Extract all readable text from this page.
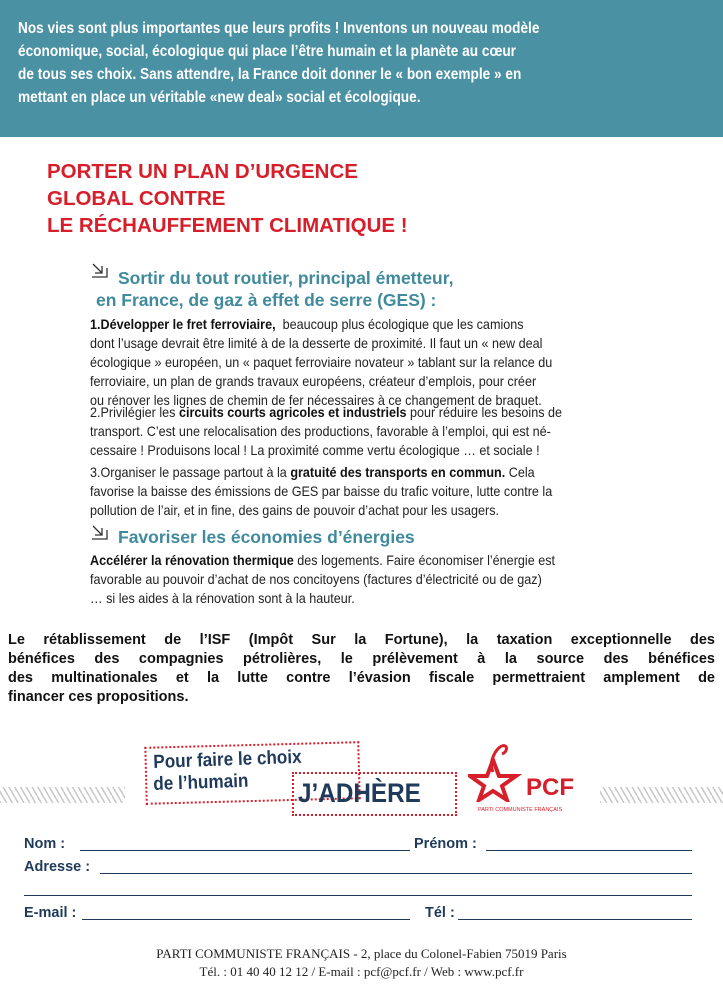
Nos vies sont plus importantes que leurs profits ! Inventons un nouveau modèle
économique, social, écologique qui place l’être humain et la planète au cœur
de tous ses choix. Sans attendre, la France doit donner le « bon exemple » en
mettant en place un véritable «new deal» social et écologique.
PORTER UN PLAN D’URGENCE
GLOBAL CONTRE
LE RÉCHAUFFEMENT CLIMATIQUE !
Sortir du tout routier, principal émetteur,
en France, de gaz à effet de serre (GES) :
1.Développer le fret ferroviaire, beaucoup plus écologique que les camions
dont l’usage devrait être limité à de la desserte de proximité. Il faut un « new deal
écologique » européen, un « paquet ferroviaire novateur » tablant sur la relance du
ferroviaire, un plan de grands travaux européens, créateur d’emplois, pour créer
ou rénover les lignes de chemin de fer nécessaires à ce changement de braquet.
2.Privilégier les circuits courts agricoles et industriels pour réduire les besoins de
transport. C’est une relocalisation des productions, favorable à l’emploi, qui est né-
cessaire ! Produisons local ! La proximité comme vertu écologique … et sociale !
3.Organiser le passage partout à la gratuité des transports en commun. Cela
favorise la baisse des émissions de GES par baisse du trafic voiture, lutte contre la
pollution de l’air, et in fine, des gains de pouvoir d’achat pour les usagers.
Favoriser les économies d’énergies
Accélérer la rénovation thermique des logements. Faire économiser l’énergie est
favorable au pouvoir d’achat de nos concitoyens (factures d’électricité ou de gaz)
… si les aides à la rénovation sont à la hauteur.
Le rétablissement de l’ISF (Impôt Sur la Fortune), la taxation exceptionnelle des
bénéfices des compagnies pétrolières, le prélèvement à la source des bénéfices
des multinationales et la lutte contre l’évasion fiscale permettraient amplement de
financer ces propositions.
Pour faire le choix
de l’humain J’ADHÈRE	PCF
PARTI COMMUNISTE FRANÇAIS
Nom :	Prénom :
Adresse :
E-mail :	Tél :
PARTI COMMUNISTE FRANÇAIS - 2, place du Colonel-Fabien 75019 Paris
Tél. : 01 40 40 12 12 / E-mail : pcf@pcf.fr / Web : www.pcf.fr
